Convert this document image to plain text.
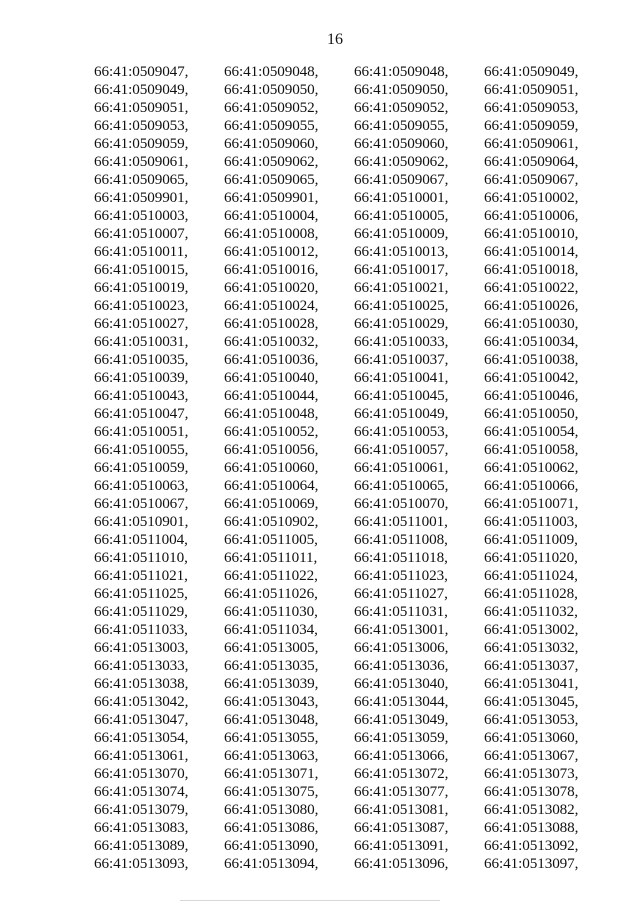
16
66:41:0509047,	66:41:0509048,	66:41:0509048,	66:41:0509049,
66:41:0509049,	66:41:0509050,	66:41:0509050,	66:41:0509051,
66:41:0509051,	66:41:0509052,	66:41:0509052,	66:41:0509053,
66:41:0509053,	66:41:0509055,	66:41:0509055,	66:41:0509059,
66:41:0509059,	66:41:0509060,	66:41:0509060,	66:41:0509061,
66:41:0509061,	66:41:0509062,	66:41:0509062,	66:41:0509064,
66:41:0509065,	66:41:0509065,	66:41:0509067,	66:41:0509067,
66:41:0509901,	66:41:0509901,	66:41:0510001,	66:41:0510002,
66:41:0510003,	66:41:0510004,	66:41:0510005,	66:41:0510006,
66:41:0510007,	66:41:0510008,	66:41:0510009,	66:41:0510010,
66:41:0510011,	66:41:0510012,	66:41:0510013,	66:41:0510014,
66:41:0510015,	66:41:0510016,	66:41:0510017,	66:41:0510018,
66:41:0510019,	66:41:0510020,	66:41:0510021,	66:41:0510022,
66:41:0510023,	66:41:0510024,	66:41:0510025,	66:41:0510026,
66:41:0510027,	66:41:0510028,	66:41:0510029,	66:41:0510030,
66:41:0510031,	66:41:0510032,	66:41:0510033,	66:41:0510034,
66:41:0510035,	66:41:0510036,	66:41:0510037,	66:41:0510038,
66:41:0510039,	66:41:0510040,	66:41:0510041,	66:41:0510042,
66:41:0510043,	66:41:0510044,	66:41:0510045,	66:41:0510046,
66:41:0510047,	66:41:0510048,	66:41:0510049,	66:41:0510050,
66:41:0510051,	66:41:0510052,	66:41:0510053,	66:41:0510054,
66:41:0510055,	66:41:0510056,	66:41:0510057,	66:41:0510058,
66:41:0510059,	66:41:0510060,	66:41:0510061,	66:41:0510062,
66:41:0510063,	66:41:0510064,	66:41:0510065,	66:41:0510066,
66:41:0510067,	66:41:0510069,	66:41:0510070,	66:41:0510071,
66:41:0510901,	66:41:0510902,	66:41:0511001,	66:41:0511003,
66:41:0511004,	66:41:0511005,	66:41:0511008,	66:41:0511009,
66:41:0511010,	66:41:0511011,	66:41:0511018,	66:41:0511020,
66:41:0511021,	66:41:0511022,	66:41:0511023,	66:41:0511024,
66:41:0511025,	66:41:0511026,	66:41:0511027,	66:41:0511028,
66:41:0511029,	66:41:0511030,	66:41:0511031,	66:41:0511032,
66:41:0511033,	66:41:0511034,	66:41:0513001,	66:41:0513002,
66:41:0513003,	66:41:0513005,	66:41:0513006,	66:41:0513032,
66:41:0513033,	66:41:0513035,	66:41:0513036,	66:41:0513037,
66:41:0513038,	66:41:0513039,	66:41:0513040,	66:41:0513041,
66:41:0513042,	66:41:0513043,	66:41:0513044,	66:41:0513045,
66:41:0513047,	66:41:0513048,	66:41:0513049,	66:41:0513053,
66:41:0513054,	66:41:0513055,	66:41:0513059,	66:41:0513060,
66:41:0513061,	66:41:0513063,	66:41:0513066,	66:41:0513067,
66:41:0513070,	66:41:0513071,	66:41:0513072,	66:41:0513073,
66:41:0513074,	66:41:0513075,	66:41:0513077,	66:41:0513078,
66:41:0513079,	66:41:0513080,	66:41:0513081,	66:41:0513082,
66:41:0513083,	66:41:0513086,	66:41:0513087,	66:41:0513088,
66:41:0513089,	66:41:0513090,	66:41:0513091,	66:41:0513092,
66:41:0513093,	66:41:0513094,	66:41:0513096,	66:41:0513097,
